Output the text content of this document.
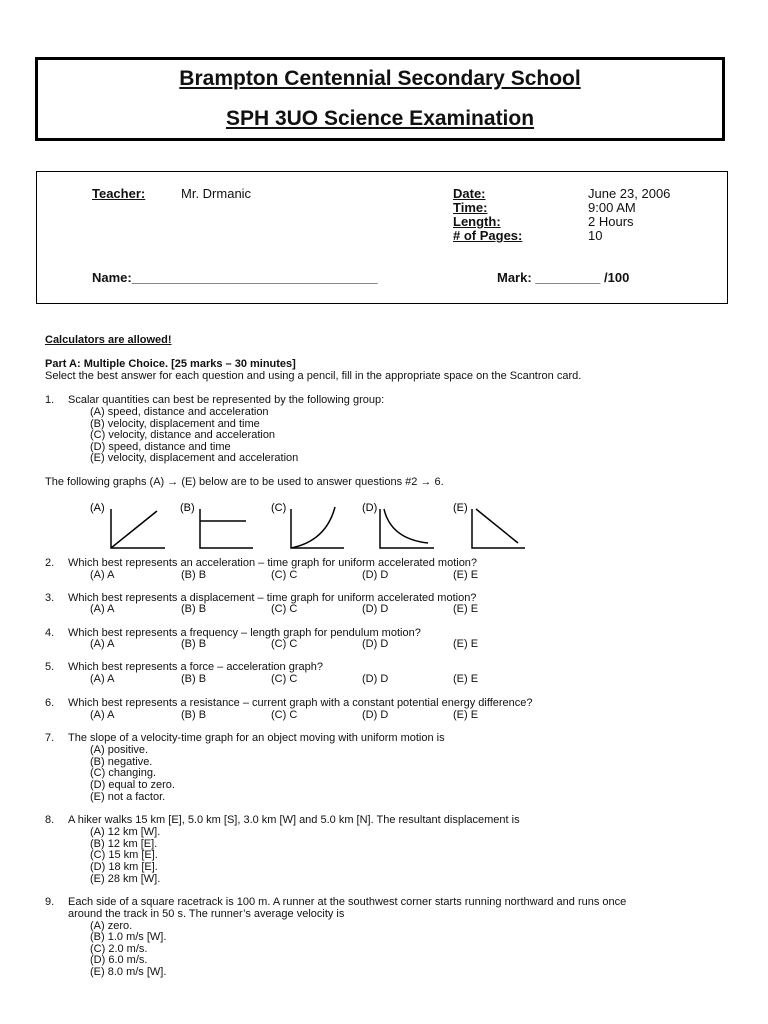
Brampton Centennial Secondary School
SPH 3UO Science Examination
Teacher:	Mr. Drmanic	Date:	June 23, 2006
Time:	9:00 AM
Length:	2 Hours
# of Pages:	10
Name:__________________________________	Mark: _________ /100
Calculators are allowed!
Part A: Multiple Choice. [25 marks – 30 minutes]
Select the best answer for each question and using a pencil, fill in the appropriate space on the Scantron card.
1. Scalar quantities can best be represented by the following group:
(A) speed, distance and acceleration
(B) velocity, displacement and time
(C) velocity, distance and acceleration
(D) speed, distance and time
(E) velocity, displacement and acceleration
The following graphs (A) → (E) below are to be used to answer questions #2 → 6.
(A)	(B)	(C)	(D)	(E)
2. Which best represents an acceleration – time graph for uniform accelerated motion?
(A) A	(B) B	(C) C	(D) D	(E) E
3. Which best represents a displacement – time graph for uniform accelerated motion?
(A) A	(B) B	(C) C	(D) D	(E) E
4. Which best represents a frequency – length graph for pendulum motion?
(A) A	(B) B	(C) C	(D) D	(E) E
5. Which best represents a force – acceleration graph?
(A) A	(B) B	(C) C	(D) D	(E) E
6. Which best represents a resistance – current graph with a constant potential energy difference?
(A) A	(B) B	(C) C	(D) D	(E) E
7. The slope of a velocity-time graph for an object moving with uniform motion is
(A) positive.
(B) negative.
(C) changing.
(D) equal to zero.
(E) not a factor.
8. A hiker walks 15 km [E], 5.0 km [S], 3.0 km [W] and 5.0 km [N]. The resultant displacement is
(A) 12 km [W].
(B) 12 km [E].
(C) 15 km [E].
(D) 18 km [E].
(E) 28 km [W].
9. Each side of a square racetrack is 100 m. A runner at the southwest corner starts running northward and runs once
around the track in 50 s. The runner’s average velocity is
(A) zero.
(B) 1.0 m/s [W].
(C) 2.0 m/s.
(D) 6.0 m/s.
(E) 8.0 m/s [W].
